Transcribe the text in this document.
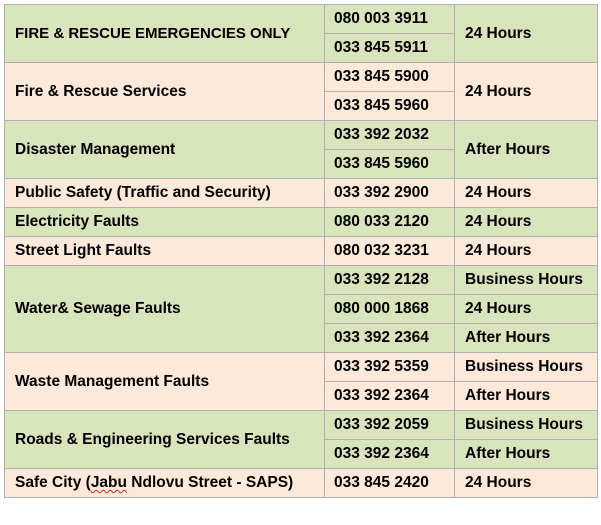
FIRE & RESCUE EMERGENCIES ONLY	080 003 3911	24 Hours
	033 845 5911	
Fire & Rescue Services	033 845 5900	24 Hours
	033 845 5960	
Disaster Management	033 392 2032	After Hours
	033 845 5960	
Public Safety (Traffic and Security)	033 392 2900	24 Hours
Electricity Faults	080 033 2120	24 Hours
Street Light Faults	080 032 3231	24 Hours
Water& Sewage Faults	033 392 2128	Business Hours
	080 000 1868	24 Hours
	033 392 2364	After Hours
Waste Management Faults	033 392 5359	Business Hours
	033 392 2364	After Hours
Roads & Engineering Services Faults	033 392 2059	Business Hours
	033 392 2364	After Hours
Safe City (Jabu Ndlovu Street - SAPS)	033 845 2420	24 Hours
